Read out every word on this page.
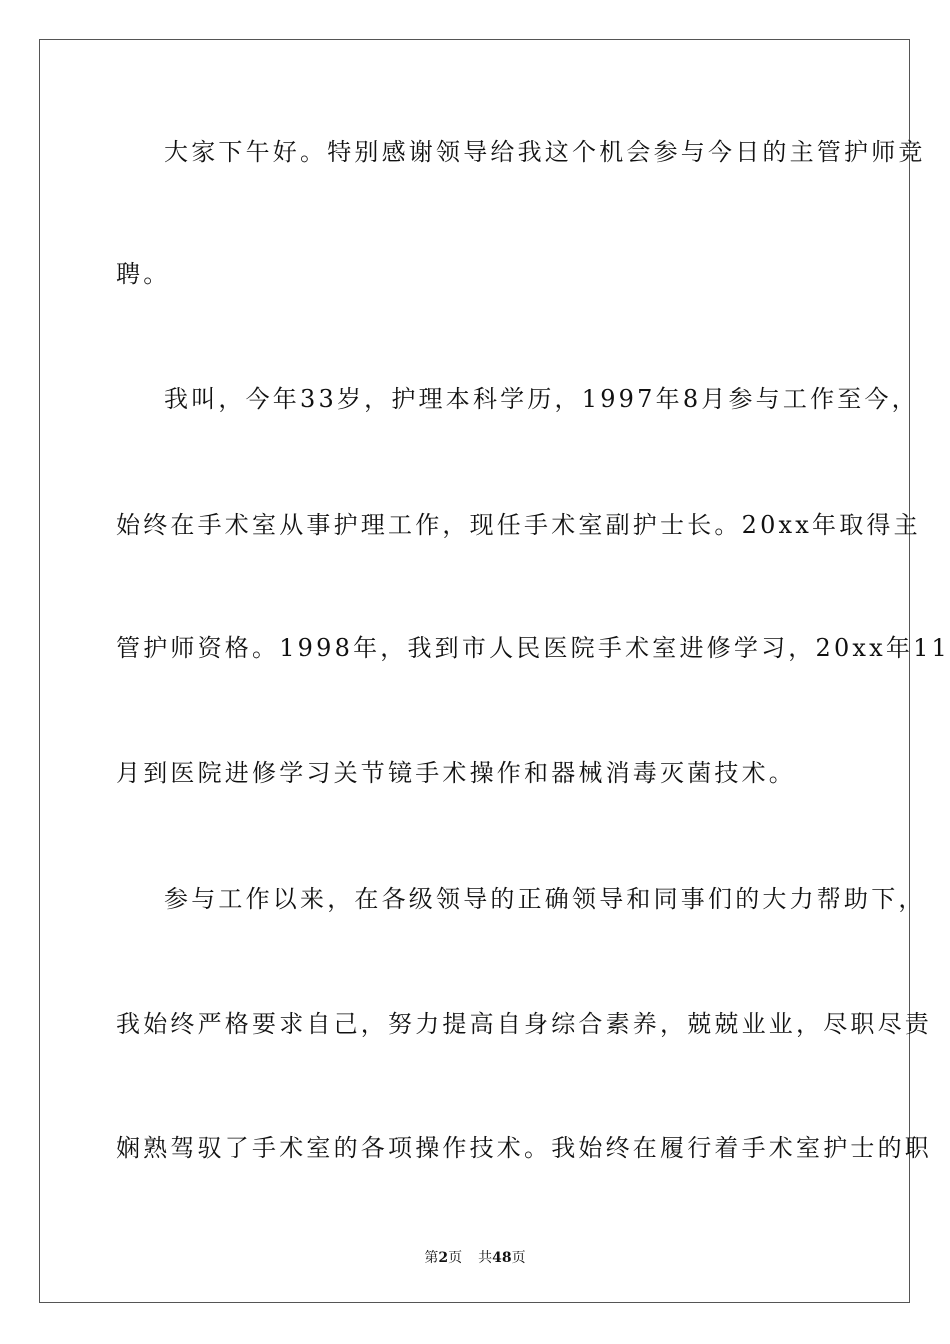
大家下午好。特别感谢领导给我这个机会参与今日的主管护师竞
聘。
我叫，今年33岁，护理本科学历，1997年8月参与工作至今，
始终在手术室从事护理工作，现任手术室副护士长。20xx年取得主
管护师资格。1998年，我到市人民医院手术室进修学习，20xx年11
月到医院进修学习关节镜手术操作和器械消毒灭菌技术。
参与工作以来，在各级领导的正确领导和同事们的大力帮助下，
我始终严格要求自己，努力提高自身综合素养，兢兢业业，尽职尽责
娴熟驾驭了手术室的各项操作技术。我始终在履行着手术室护士的职
第2页 共48页
